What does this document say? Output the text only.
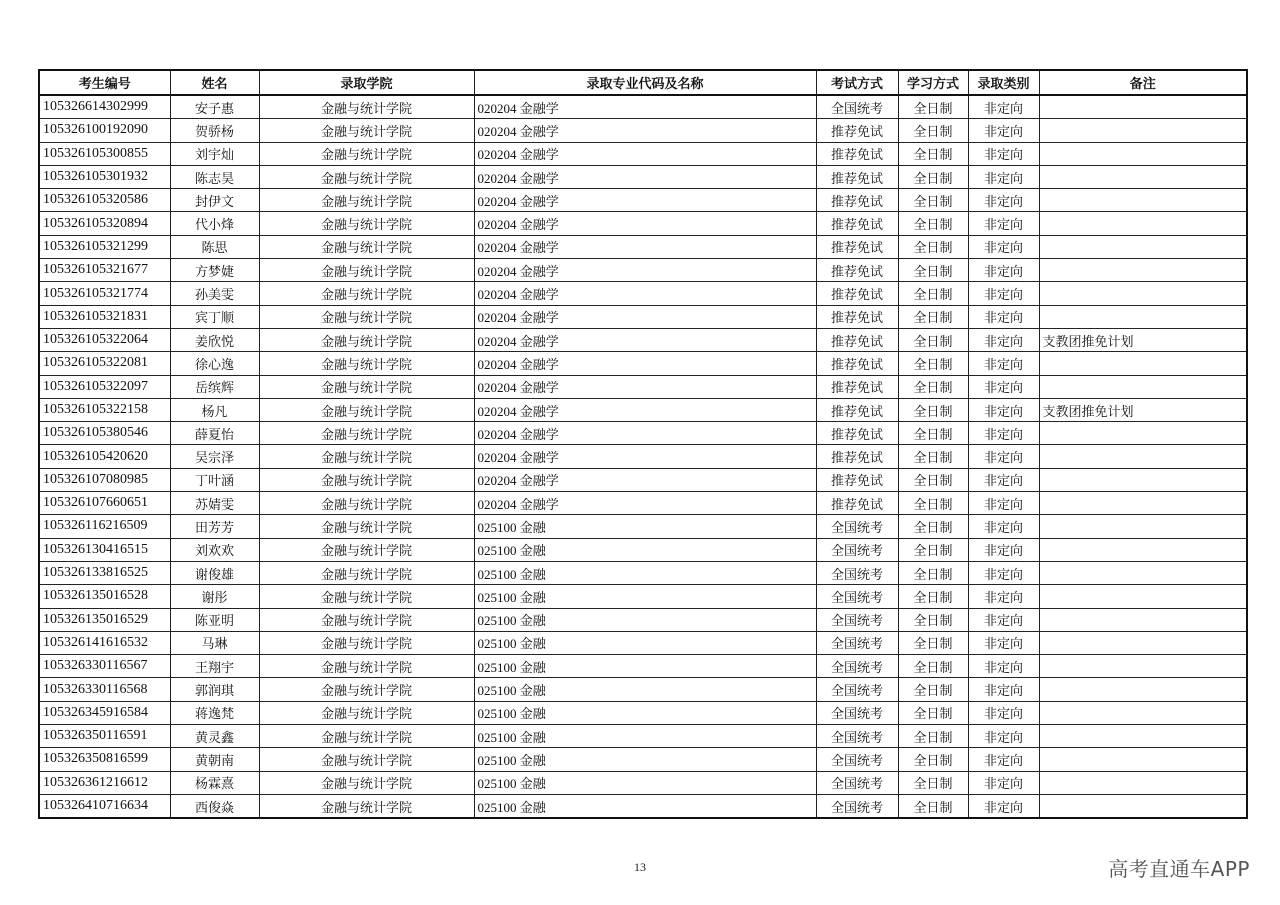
考生编号	姓名	录取学院	录取专业代码及名称	考试方式	学习方式	录取类别	备注
105326614302999	安子惠	金融与统计学院	020204 金融学	全国统考	全日制	非定向	
105326100192090	贺骄杨	金融与统计学院	020204 金融学	推荐免试	全日制	非定向	
105326105300855	刘宇灿	金融与统计学院	020204 金融学	推荐免试	全日制	非定向	
105326105301932	陈志昊	金融与统计学院	020204 金融学	推荐免试	全日制	非定向	
105326105320586	封伊文	金融与统计学院	020204 金融学	推荐免试	全日制	非定向	
105326105320894	代小烽	金融与统计学院	020204 金融学	推荐免试	全日制	非定向	
105326105321299	陈思	金融与统计学院	020204 金融学	推荐免试	全日制	非定向	
105326105321677	方梦婕	金融与统计学院	020204 金融学	推荐免试	全日制	非定向	
105326105321774	孙美雯	金融与统计学院	020204 金融学	推荐免试	全日制	非定向	
105326105321831	宾丁顺	金融与统计学院	020204 金融学	推荐免试	全日制	非定向	
105326105322064	姜欣悦	金融与统计学院	020204 金融学	推荐免试	全日制	非定向	支教团推免计划
105326105322081	徐心逸	金融与统计学院	020204 金融学	推荐免试	全日制	非定向	
105326105322097	岳缤辉	金融与统计学院	020204 金融学	推荐免试	全日制	非定向	
105326105322158	杨凡	金融与统计学院	020204 金融学	推荐免试	全日制	非定向	支教团推免计划
105326105380546	薛夏怡	金融与统计学院	020204 金融学	推荐免试	全日制	非定向	
105326105420620	吴宗泽	金融与统计学院	020204 金融学	推荐免试	全日制	非定向	
105326107080985	丁叶涵	金融与统计学院	020204 金融学	推荐免试	全日制	非定向	
105326107660651	苏婧雯	金融与统计学院	020204 金融学	推荐免试	全日制	非定向	
105326116216509	田芳芳	金融与统计学院	025100 金融	全国统考	全日制	非定向	
105326130416515	刘欢欢	金融与统计学院	025100 金融	全国统考	全日制	非定向	
105326133816525	谢俊雄	金融与统计学院	025100 金融	全国统考	全日制	非定向	
105326135016528	谢彤	金融与统计学院	025100 金融	全国统考	全日制	非定向	
105326135016529	陈亚明	金融与统计学院	025100 金融	全国统考	全日制	非定向	
105326141616532	马琳	金融与统计学院	025100 金融	全国统考	全日制	非定向	
105326330116567	王翔宇	金融与统计学院	025100 金融	全国统考	全日制	非定向	
105326330116568	郭润琪	金融与统计学院	025100 金融	全国统考	全日制	非定向	
105326345916584	蒋逸梵	金融与统计学院	025100 金融	全国统考	全日制	非定向	
105326350116591	黄灵鑫	金融与统计学院	025100 金融	全国统考	全日制	非定向	
105326350816599	黄朝南	金融与统计学院	025100 金融	全国统考	全日制	非定向	
105326361216612	杨霖熹	金融与统计学院	025100 金融	全国统考	全日制	非定向	
105326410716634	西俊焱	金融与统计学院	025100 金融	全国统考	全日制	非定向	
13	高考直通车APP
